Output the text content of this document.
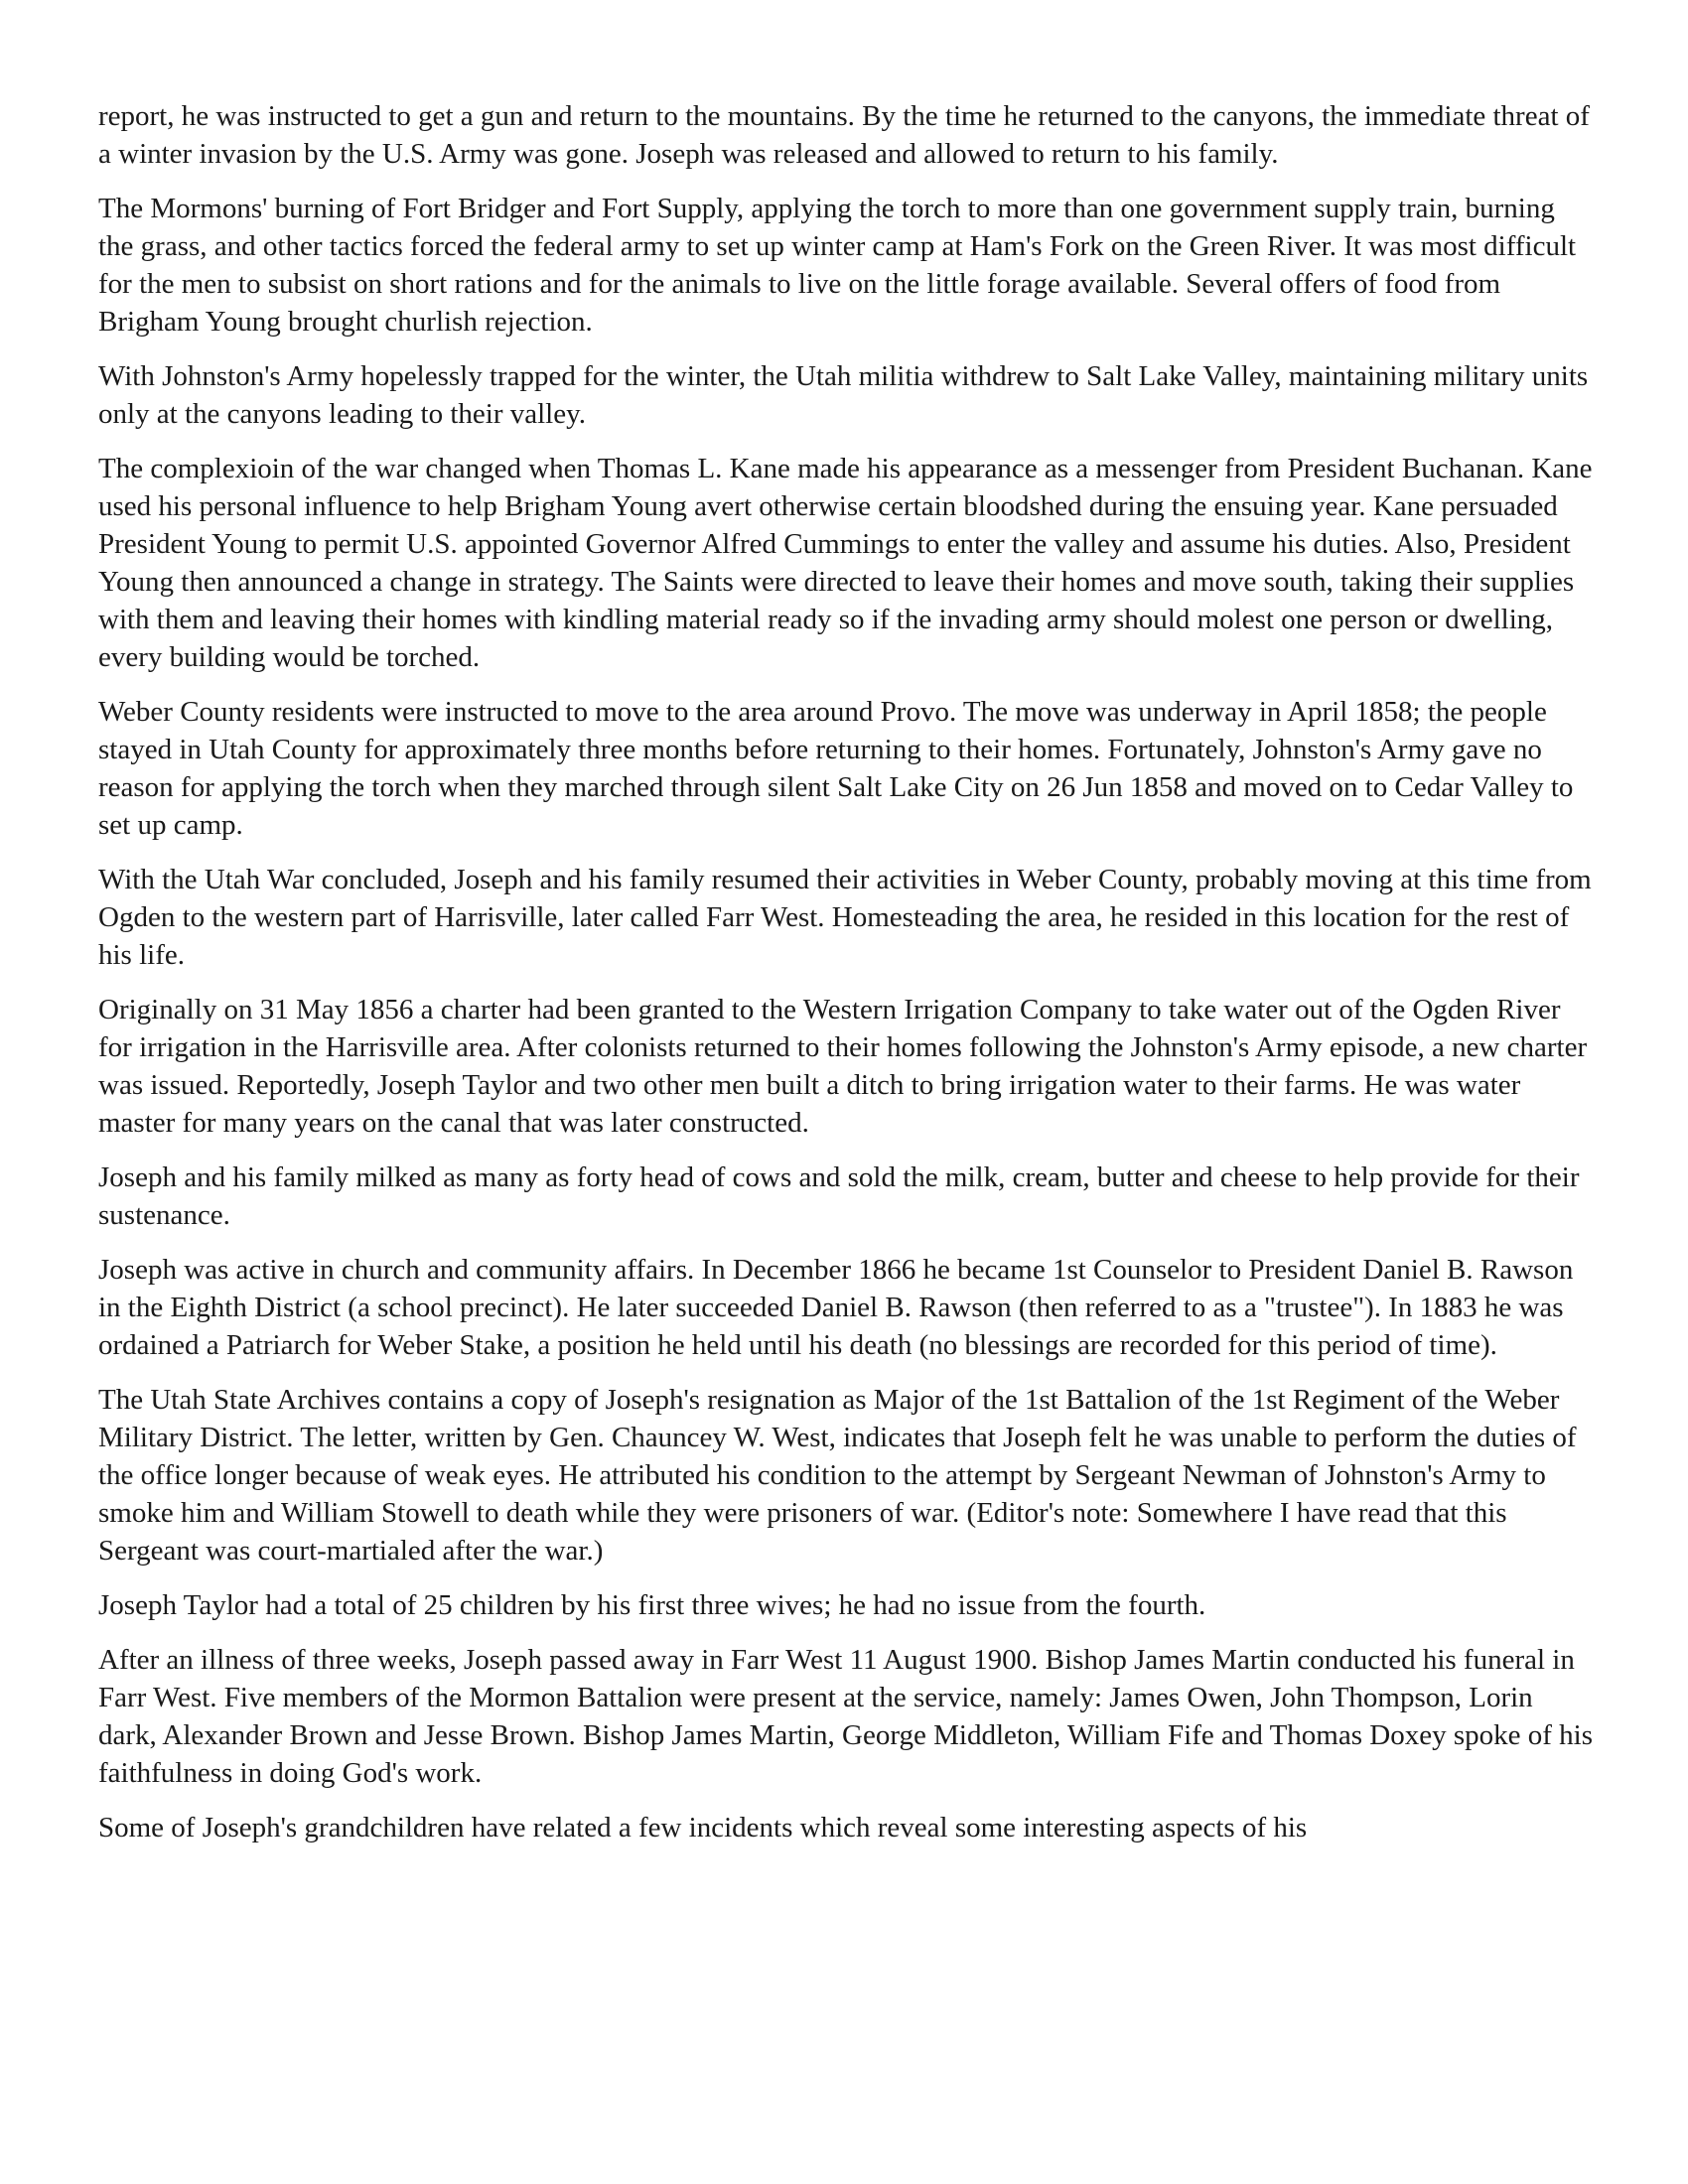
report, he was instructed to get a gun and return to the mountains. By the time he returned to the canyons, the immediate threat of a winter invasion by the U.S. Army was gone. Joseph was released and allowed to return to his family.

The Mormons' burning of Fort Bridger and Fort Supply, applying the torch to more than one government supply train, burning the grass, and other tactics forced the federal army to set up winter camp at Ham's Fork on the Green River. It was most difficult for the men to subsist on short rations and for the animals to live on the little forage available. Several offers of food from Brigham Young brought churlish rejection.

With Johnston's Army hopelessly trapped for the winter, the Utah militia withdrew to Salt Lake Valley, maintaining military units only at the canyons leading to their valley.

The complexioin of the war changed when Thomas L. Kane made his appearance as a messenger from President Buchanan. Kane used his personal influence to help Brigham Young avert otherwise certain bloodshed during the ensuing year. Kane persuaded President Young to permit U.S. appointed Governor Alfred Cummings to enter the valley and assume his duties. Also, President Young then announced a change in strategy. The Saints were directed to leave their homes and move south, taking their supplies with them and leaving their homes with kindling material ready so if the invading army should molest one person or dwelling, every building would be torched.

Weber County residents were instructed to move to the area around Provo. The move was underway in April 1858; the people stayed in Utah County for approximately three months before returning to their homes. Fortunately, Johnston's Army gave no reason for applying the torch when they marched through silent Salt Lake City on 26 Jun 1858 and moved on to Cedar Valley to set up camp.

With the Utah War concluded, Joseph and his family resumed their activities in Weber County, probably moving at this time from Ogden to the western part of Harrisville, later called Farr West. Homesteading the area, he resided in this location for the rest of his life.

Originally on 31 May 1856 a charter had been granted to the Western Irrigation Company to take water out of the Ogden River for irrigation in the Harrisville area. After colonists returned to their homes following the Johnston's Army episode, a new charter was issued. Reportedly, Joseph Taylor and two other men built a ditch to bring irrigation water to their farms. He was water master for many years on the canal that was later constructed.

Joseph and his family milked as many as forty head of cows and sold the milk, cream, butter and cheese to help provide for their sustenance.

Joseph was active in church and community affairs. In December 1866 he became 1st Counselor to President Daniel B. Rawson in the Eighth District (a school precinct). He later succeeded Daniel B. Rawson (then referred to as a "trustee"). In 1883 he was ordained a Patriarch for Weber Stake, a position he held until his death (no blessings are recorded for this period of time).

The Utah State Archives contains a copy of Joseph's resignation as Major of the 1st Battalion of the 1st Regiment of the Weber Military District. The letter, written by Gen. Chauncey W. West, indicates that Joseph felt he was unable to perform the duties of the office longer because of weak eyes. He attributed his condition to the attempt by Sergeant Newman of Johnston's Army to smoke him and William Stowell to death while they were prisoners of war. (Editor's note: Somewhere I have read that this Sergeant was court-martialed after the war.)

Joseph Taylor had a total of 25 children by his first three wives; he had no issue from the fourth.

After an illness of three weeks, Joseph passed away in Farr West 11 August 1900. Bishop James Martin conducted his funeral in Farr West. Five members of the Mormon Battalion were present at the service, namely: James Owen, John Thompson, Lorin dark, Alexander Brown and Jesse Brown. Bishop James Martin, George Middleton, William Fife and Thomas Doxey spoke of his faithfulness in doing God's work.

Some of Joseph's grandchildren have related a few incidents which reveal some interesting aspects of his
